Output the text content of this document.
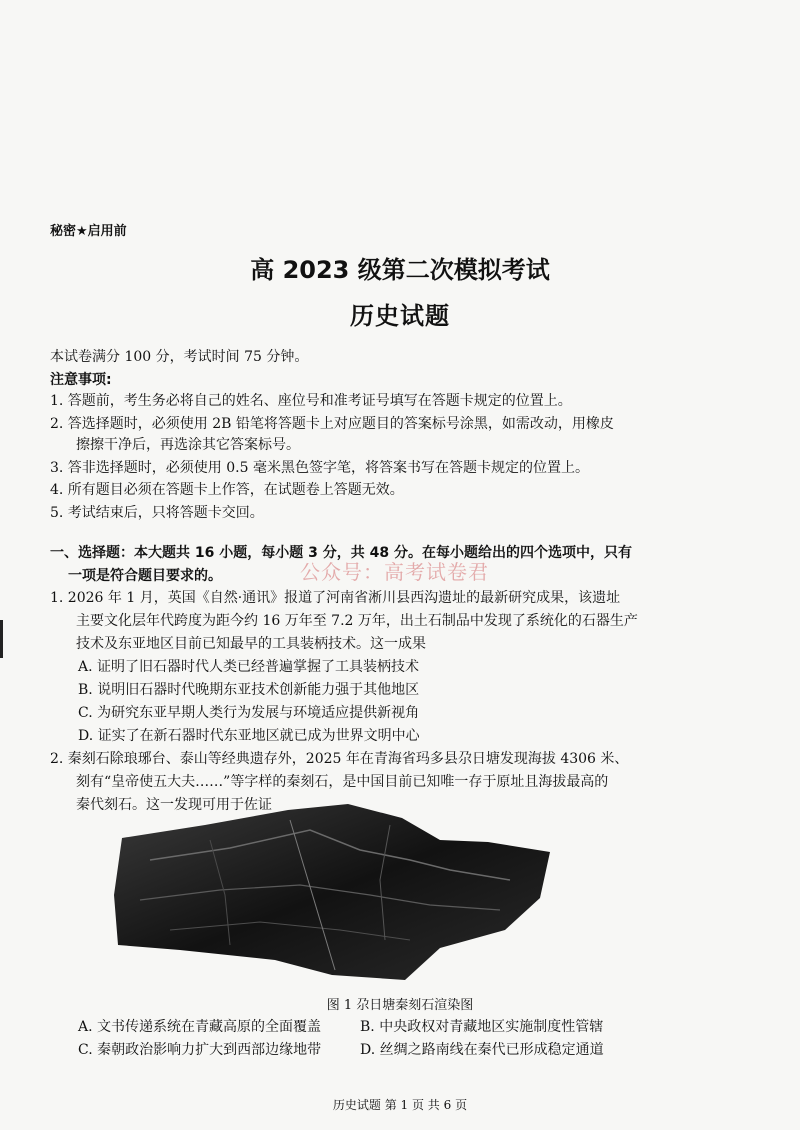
秘密★启用前
高 2023 级第二次模拟考试
历史试题
本试卷满分 100 分，考试时间 75 分钟。
注意事项:
1. 答题前，考生务必将自己的姓名、座位号和准考证号填写在答题卡规定的位置上。
2. 答选择题时，必须使用 2B 铅笔将答题卡上对应题目的答案标号涂黑，如需改动，用橡皮
擦擦干净后，再选涂其它答案标号。
3. 答非选择题时，必须使用 0.5 毫米黑色签字笔，将答案书写在答题卡规定的位置上。
4. 所有题目必须在答题卡上作答，在试题卷上答题无效。
5. 考试结束后，只将答题卡交回。
一、选择题：本大题共 16 小题，每小题 3 分，共 48 分。在每小题给出的四个选项中，只有
一项是符合题目要求的。	公众号：高考试卷君
1. 2026 年 1 月，英国《自然·通讯》报道了河南省淅川县西沟遗址的最新研究成果，该遗址
主要文化层年代跨度为距今约 16 万年至 7.2 万年，出土石制品中发现了系统化的石器生产
技术及东亚地区目前已知最早的工具装柄技术。这一成果
A. 证明了旧石器时代人类已经普遍掌握了工具装柄技术
B. 说明旧石器时代晚期东亚技术创新能力强于其他地区
C. 为研究东亚早期人类行为发展与环境适应提供新视角
D. 证实了在新石器时代东亚地区就已成为世界文明中心
2. 秦刻石除琅琊台、泰山等经典遗存外，2025 年在青海省玛多县尕日塘发现海拔 4306 米、
刻有“皇帝使五大夫……”等字样的秦刻石，是中国目前已知唯一存于原址且海拔最高的
秦代刻石。这一发现可用于佐证
图 1 尕日塘秦刻石渲染图
A. 文书传递系统在青藏高原的全面覆盖	B. 中央政权对青藏地区实施制度性管辖
C. 秦朝政治影响力扩大到西部边缘地带	D. 丝绸之路南线在秦代已形成稳定通道
历史试题 第 1 页 共 6 页
